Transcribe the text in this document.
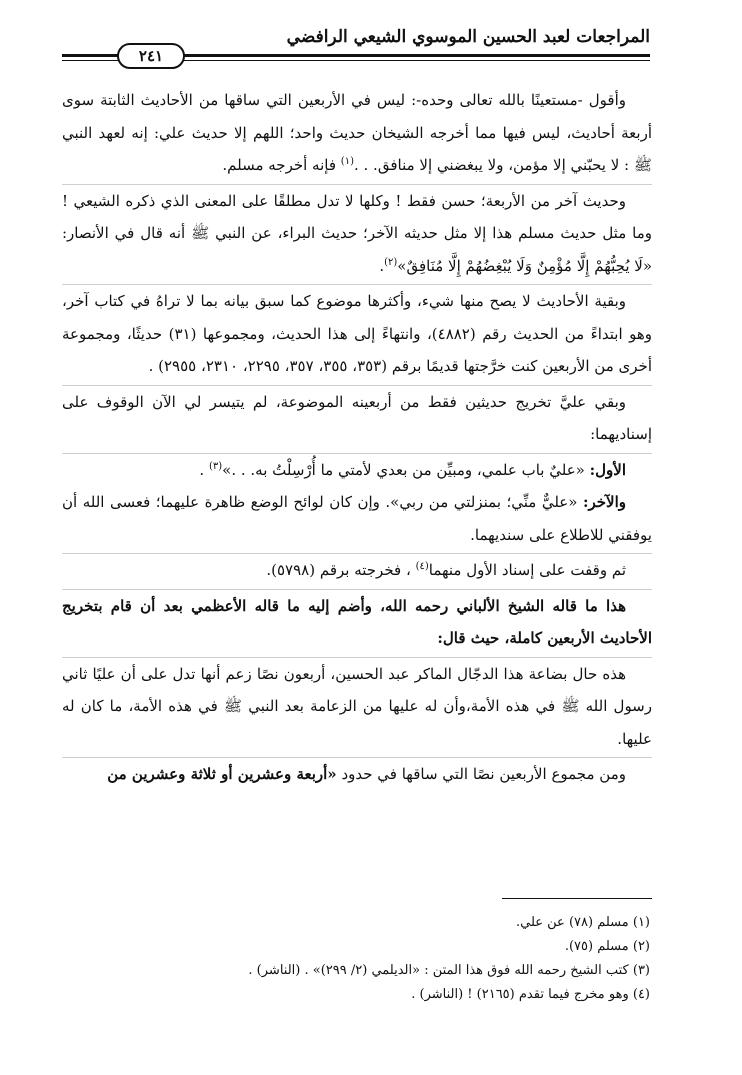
المراجعات لعبد الحسين الموسوي الشيعي الرافضي
٢٤١

وأقول -مستعينًا بالله تعالى وحده-: ليس في الأربعين التي ساقها من الأحاديث الثابتة سوى أربعة أحاديث، ليس فيها مما أخرجه الشيخان حديث واحد؛ اللهم إلا حديث علي: إنه لعهد النبي ﷺ : لا يحبّني إلا مؤمن، ولا يبغضني إلا منافق. . .$^{(١)}$ فإنه أخرجه مسلم.

وحديث آخر من الأربعة؛ حسن فقط ! وكلها لا تدل مطلقًا على المعنى الذي ذكره الشيعي ! وما مثل حديث مسلم هذا إلا مثل حديثه الآخر؛ حديث البراء، عن النبي ﷺ أنه قال في الأنصار: «لَا يُحِبُّهُمْ إِلَّا مُؤْمِنٌ وَلَا يُبْغِضُهُمْ إِلَّا مُنَافِقٌ»$^{(٢)}$.

وبقية الأحاديث لا يصح منها شيء، وأكثرها موضوع كما سبق بيانه بما لا تراهُ في كتاب آخر، وهو ابتداءً من الحديث رقم (٤٨٨٢)، وانتهاءً إلى هذا الحديث، ومجموعها (٣١) حديثًا، ومجموعة أخرى من الأربعين كنت خرَّجتها قديمًا برقم (٣٥٣، ٣٥٥، ٣٥٧، ٢٢٩٥، ٢٣١٠، ٢٩٥٥) .

وبقي عليَّ تخريج حديثين فقط من أربعينه الموضوعة، لم يتيسر لي الآن الوقوف على إسناديهما:

الأول: «عليٌ باب علمي، ومبيِّن من بعدي لأمتي ما أُرْسِلْتُ به. . .»$^{(٣)}$ .

والآخر: «عليٌّ منِّي؛ بمنزلتي من ربي». وإن كان لوائح الوضع ظاهرة عليهما؛ فعسى الله أن يوفقني للاطلاع على سنديهما.

ثم وقفت على إسناد الأول منهما$^{(٤)}$ ، فخرجته برقم (٥٧٩٨).

هذا ما قاله الشيخ الألباني رحمه الله، وأضم إليه ما قاله الأعظمي بعد أن قام بتخريج الأحاديث الأربعين كاملة، حيث قال:

هذه حال بضاعة هذا الدجّال الماكر عبد الحسين، أربعون نصًا زعم أنها تدل على أن عليًا ثاني رسول الله ﷺ في هذه الأمة،وأن له عليها من الزعامة بعد النبي ﷺ في هذه الأمة، ما كان له عليها.

ومن مجموع الأربعين نصًا التي ساقها في حدود «أربعة وعشرين أو ثلاثة وعشرين من

(١) مسلم (٧٨) عن علي.

(٢) مسلم (٧٥).

(٣) كتب الشيخ رحمه الله فوق هذا المتن : «الديلمي (٢/ ٢٩٩)» . (الناشر) .

(٤) وهو مخرج فيما تقدم (٢١٦٥) ! (الناشر) .
